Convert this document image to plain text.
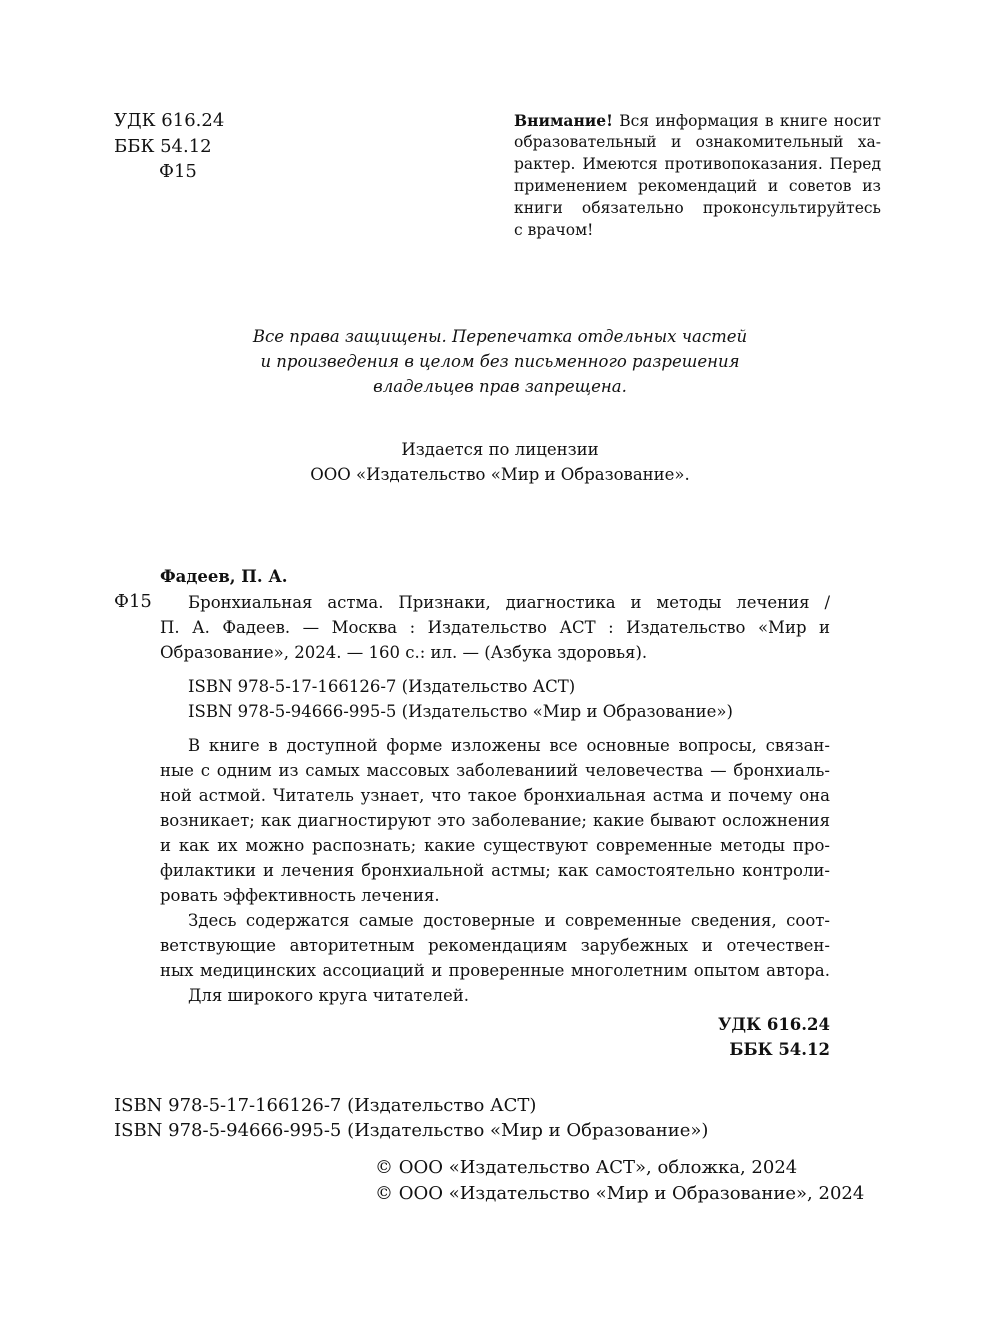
УДК 616.24
ББК 54.12
Ф15
Внимание! Вся информация в книге носит
образовательный и ознакомительный ха-
рактер. Имеются противопоказания. Перед
применением рекомендаций и советов из
книги обязательно проконсультируйтесь
с врачом!
Все права защищены. Перепечатка отдельных частей
и произведения в целом без письменного разрешения
владельцев прав запрещена.
Издается по лицензии
ООО «Издательство «Мир и Образование».
Фадеев, П. А.
Ф15 Бронхиальная астма. Признаки, диагностика и методы лечения /
П. А. Фадеев. — Москва : Издательство АСТ : Издательство «Мир и
Образование», 2024. — 160 с.: ил. — (Азбука здоровья).
ISBN 978-5-17-166126-7 (Издательство АСТ)
ISBN 978-5-94666-995-5 (Издательство «Мир и Образование»)
В книге в доступной форме изложены все основные вопросы, связан-
ные с одним из самых массовых заболеваниий человечества — бронхиаль-
ной астмой. Читатель узнает, что такое бронхиальная астма и почему она
возникает; как диагностируют это заболевание; какие бывают осложнения
и как их можно распознать; какие существуют современные методы про-
филактики и лечения бронхиальной астмы; как самостоятельно контроли-
ровать эффективность лечения.
Здесь содержатся самые достоверные и современные сведения, соот-
ветствующие авторитетным рекомендациям зарубежных и отечествен-
ных медицинских ассоциаций и проверенные многолетним опытом автора.
Для широкого круга читателей.
УДК 616.24
ББК 54.12
ISBN 978-5-17-166126-7 (Издательство АСТ)
ISBN 978-5-94666-995-5 (Издательство «Мир и Образование»)
© ООО «Издательство АСТ», обложка, 2024
© ООО «Издательство «Мир и Образование», 2024
